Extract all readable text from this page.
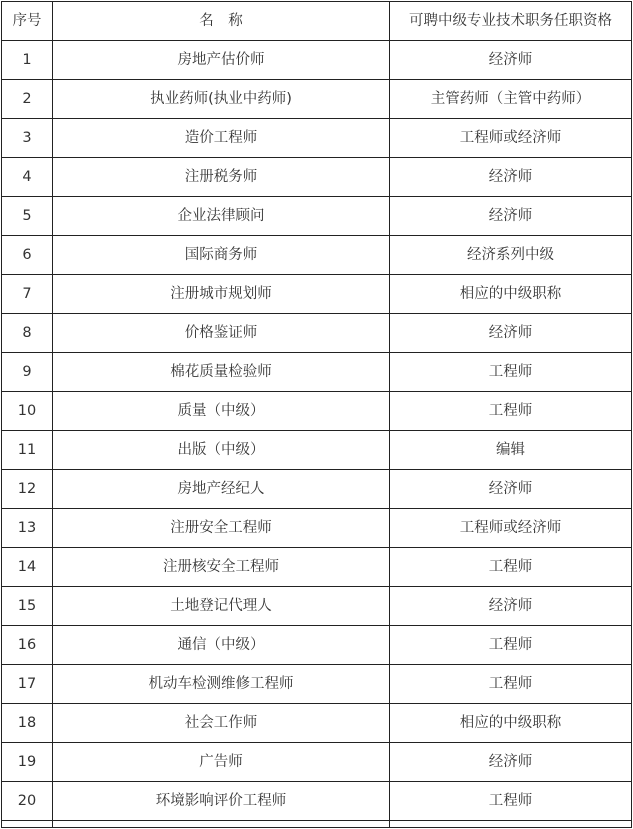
序号	名　称	可聘中级专业技术职务任职资格
1	房地产估价师	经济师
2	执业药师(执业中药师)	主管药师（主管中药师）
3	造价工程师	工程师或经济师
4	注册税务师	经济师
5	企业法律顾问	经济师
6	国际商务师	经济系列中级
7	注册城市规划师	相应的中级职称
8	价格鉴证师	经济师
9	棉花质量检验师	工程师
10	质量（中级）	工程师
11	出版（中级）	编辑
12	房地产经纪人	经济师
13	注册安全工程师	工程师或经济师
14	注册核安全工程师	工程师
15	土地登记代理人	经济师
16	通信（中级）	工程师
17	机动车检测维修工程师	工程师
18	社会工作师	相应的中级职称
19	广告师	经济师
20	环境影响评价工程师	工程师
